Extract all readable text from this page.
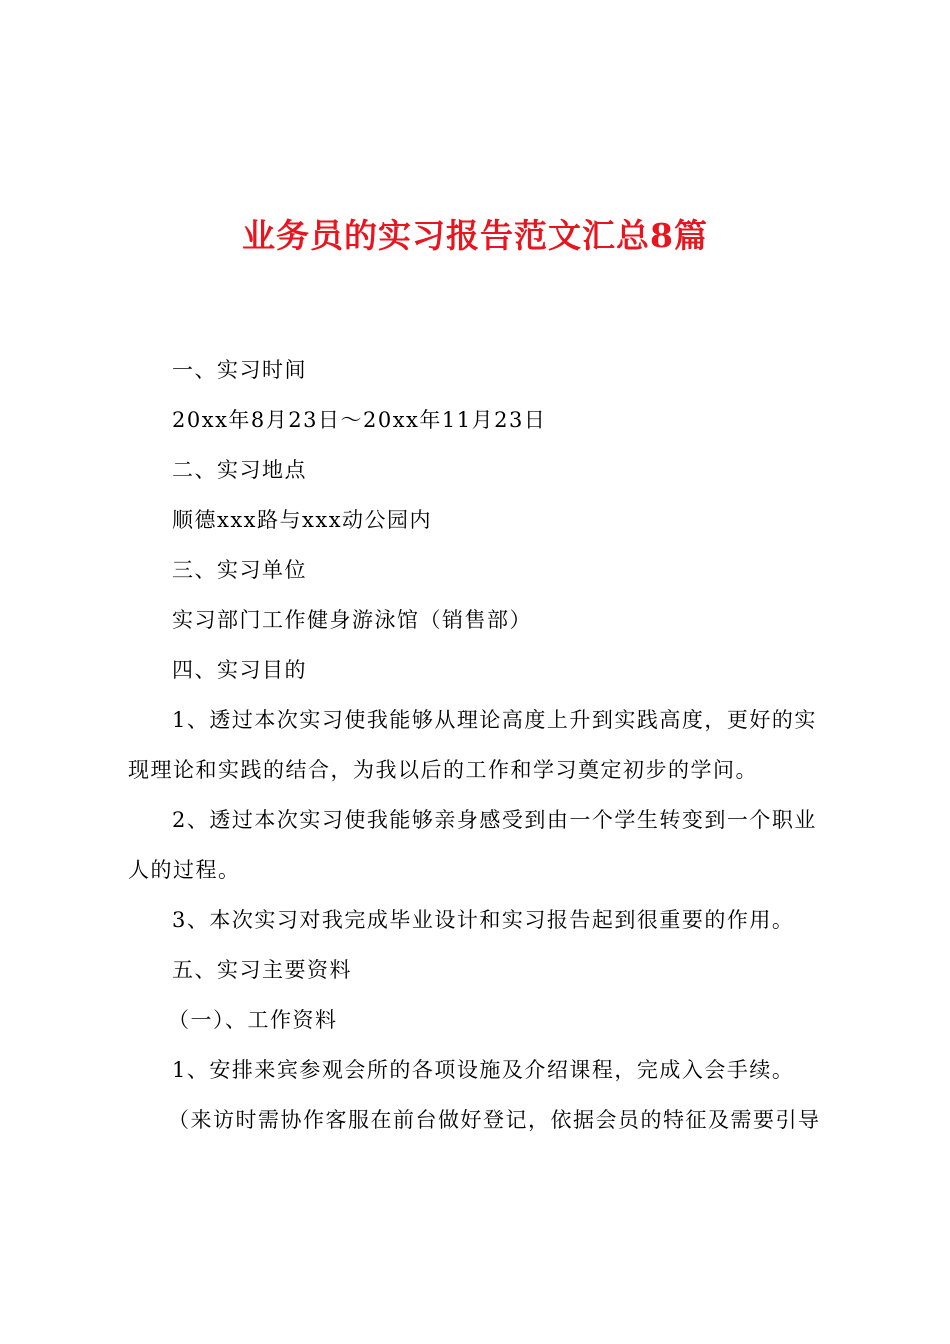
业务员的实习报告范文汇总8篇

一、实习时间

20xx年8月23日～20xx年11月23日

二、实习地点

顺德xxx路与xxx动公园内

三、实习单位

实习部门工作健身游泳馆（销售部）

四、实习目的

1、透过本次实习使我能够从理论高度上升到实践高度，更好的实现理论和实践的结合，为我以后的工作和学习奠定初步的学问。

2、透过本次实习使我能够亲身感受到由一个学生转变到一个职业人的过程。

3、本次实习对我完成毕业设计和实习报告起到很重要的作用。

五、实习主要资料

（一）、工作资料

1、安排来宾参观会所的各项设施及介绍课程，完成入会手续。

（来访时需协作客服在前台做好登记，依据会员的特征及需要引导
